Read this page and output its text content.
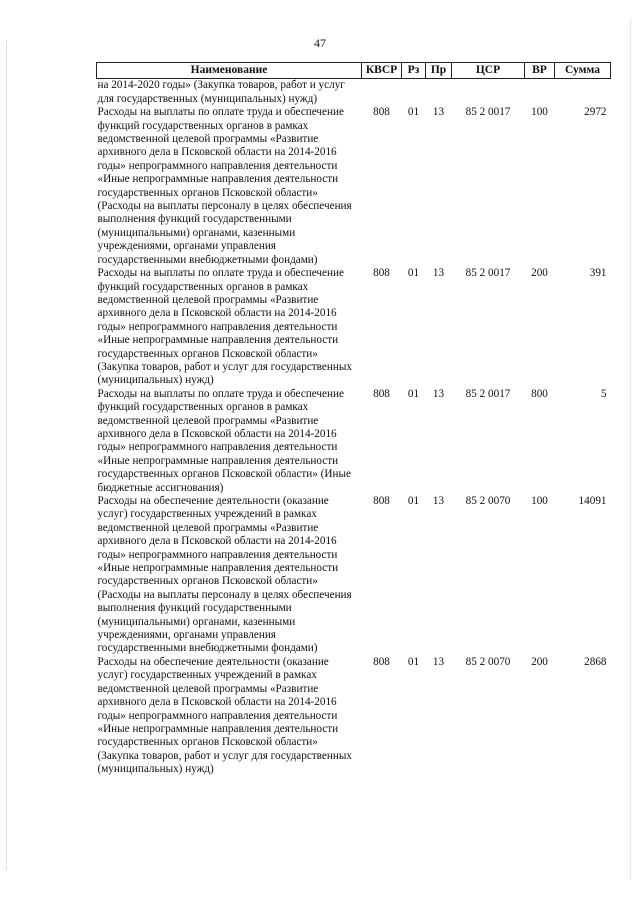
47
Наименование	КВСР	Рз	Пр	ЦСР	ВР	Сумма
на 2014-2020 годы» (Закупка товаров, работ и услуг для государственных (муниципальных) нужд)						
Расходы на выплаты по оплате труда и обеспечение функций государственных органов в рамках ведомственной целевой программы «Развитие архивного дела в Псковской области на 2014-2016 годы» непрограммного направления деятельности «Иные непрограммные направления деятельности государственных органов Псковской области» (Расходы на выплаты персоналу в целях обеспечения выполнения функций государственными (муниципальными) органами, казенными учреждениями, органами управления государственными внебюджетными фондами)	808	01	13	85 2 0017	100	2972
Расходы на выплаты по оплате труда и обеспечение функций государственных органов в рамках ведомственной целевой программы «Развитие архивного дела в Псковской области на 2014-2016 годы» непрограммного направления деятельности «Иные непрограммные направления деятельности государственных органов Псковской области» (Закупка товаров, работ и услуг для государственных (муниципальных) нужд)	808	01	13	85 2 0017	200	391
Расходы на выплаты по оплате труда и обеспечение функций государственных органов в рамках ведомственной целевой программы «Развитие архивного дела в Псковской области на 2014-2016 годы» непрограммного направления деятельности «Иные непрограммные направления деятельности государственных органов Псковской области» (Иные бюджетные ассигнования)	808	01	13	85 2 0017	800	5
Расходы на обеспечение деятельности (оказание услуг) государственных учреждений в рамках ведомственной целевой программы «Развитие архивного дела в Псковской области на 2014-2016 годы» непрограммного направления деятельности «Иные непрограммные направления деятельности государственных органов Псковской области» (Расходы на выплаты персоналу в целях обеспечения выполнения функций государственными (муниципальными) органами, казенными учреждениями, органами управления государственными внебюджетными фондами)	808	01	13	85 2 0070	100	14091
Расходы на обеспечение деятельности (оказание услуг) государственных учреждений в рамках ведомственной целевой программы «Развитие архивного дела в Псковской области на 2014-2016 годы» непрограммного направления деятельности «Иные непрограммные направления деятельности государственных органов Псковской области» (Закупка товаров, работ и услуг для государственных (муниципальных) нужд)	808	01	13	85 2 0070	200	2868
